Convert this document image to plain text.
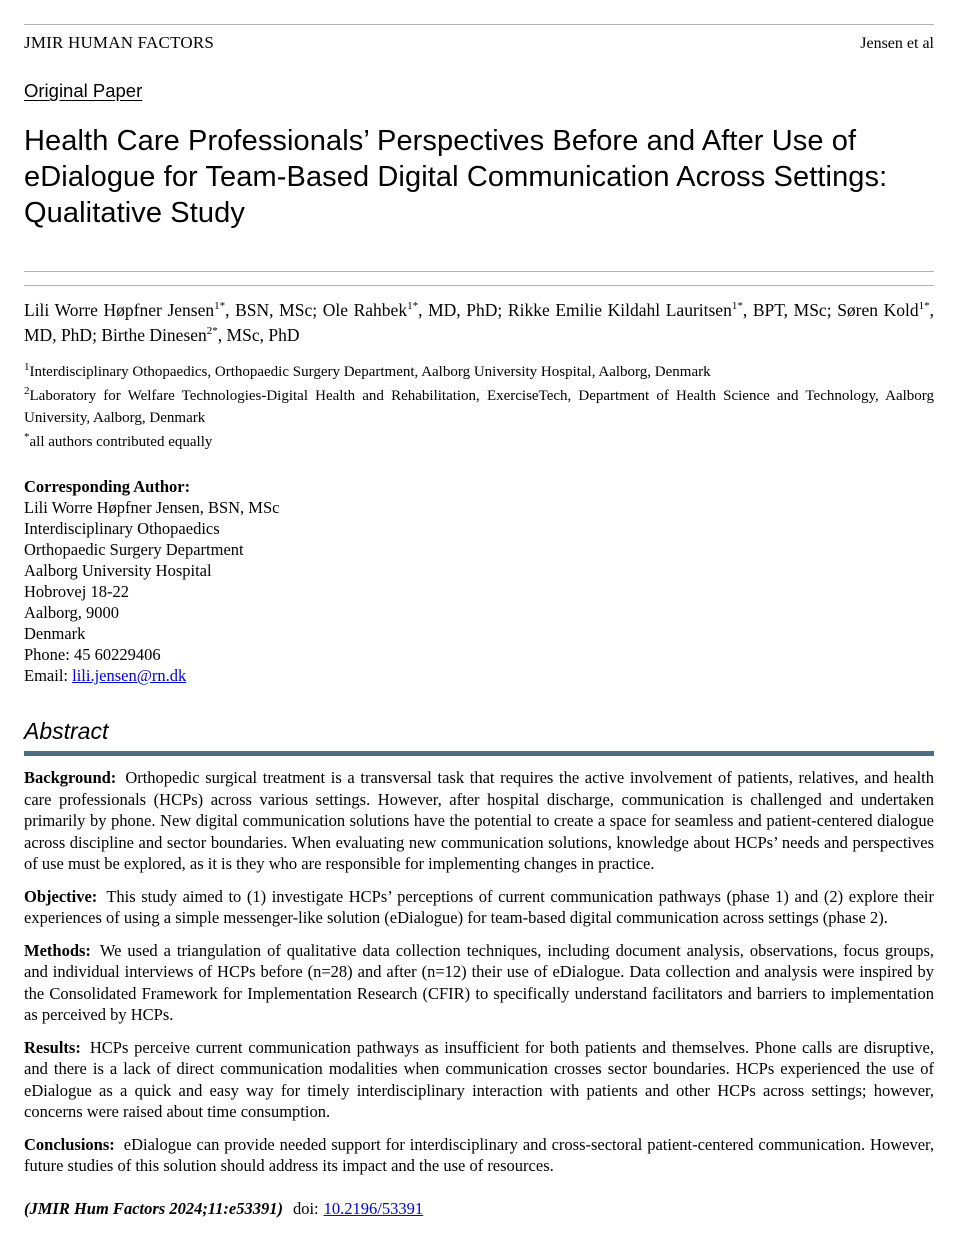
JMIR HUMAN FACTORS	Jensen et al
Original Paper
Health Care Professionals’ Perspectives Before and After Use of eDialogue for Team-Based Digital Communication Across Settings: Qualitative Study

Lili Worre Høpfner Jensen$^{1*}$, BSN, MSc; Ole Rahbek$^{1*}$, MD, PhD; Rikke Emilie Kildahl Lauritsen$^{1*}$, BPT, MSc; Søren Kold$^{1*}$, MD, PhD; Birthe Dinesen$^{2*}$, MSc, PhD

$^1$Interdisciplinary Othopaedics, Orthopaedic Surgery Department, Aalborg University Hospital, Aalborg, Denmark

$^2$Laboratory for Welfare Technologies-Digital Health and Rehabilitation, ExerciseTech, Department of Health Science and Technology, Aalborg University, Aalborg, Denmark

*all authors contributed equally

Corresponding Author:
Lili Worre Høpfner Jensen, BSN, MSc
Interdisciplinary Othopaedics
Orthopaedic Surgery Department
Aalborg University Hospital
Hobrovej 18-22
Aalborg, 9000
Denmark
Phone: 45 60229406
Email: lili.jensen@rn.dk
Abstract

Background: Orthopedic surgical treatment is a transversal task that requires the active involvement of patients, relatives, and health care professionals (HCPs) across various settings. However, after hospital discharge, communication is challenged and undertaken primarily by phone. New digital communication solutions have the potential to create a space for seamless and patient-centered dialogue across discipline and sector boundaries. When evaluating new communication solutions, knowledge about HCPs’ needs and perspectives of use must be explored, as it is they who are responsible for implementing changes in practice.

Objective: This study aimed to (1) investigate HCPs’ perceptions of current communication pathways (phase 1) and (2) explore their experiences of using a simple messenger-like solution (eDialogue) for team-based digital communication across settings (phase 2).

Methods: We used a triangulation of qualitative data collection techniques, including document analysis, observations, focus groups, and individual interviews of HCPs before (n=28) and after (n=12) their use of eDialogue. Data collection and analysis were inspired by the Consolidated Framework for Implementation Research (CFIR) to specifically understand facilitators and barriers to implementation as perceived by HCPs.

Results: HCPs perceive current communication pathways as insufficient for both patients and themselves. Phone calls are disruptive, and there is a lack of direct communication modalities when communication crosses sector boundaries. HCPs experienced the use of eDialogue as a quick and easy way for timely interdisciplinary interaction with patients and other HCPs across settings; however, concerns were raised about time consumption.

Conclusions: eDialogue can provide needed support for interdisciplinary and cross-sectoral patient-centered communication. However, future studies of this solution should address its impact and the use of resources.

(JMIR Hum Factors 2024;11:e53391) doi: 10.2196/53391
